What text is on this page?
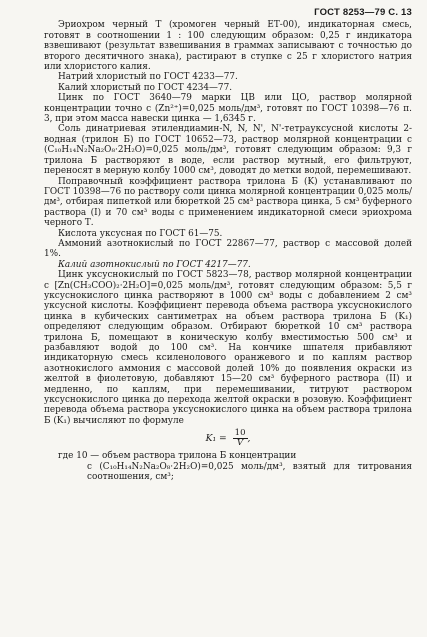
ГОСТ 8253—79 С. 13

Эриохром черный Т (хромоген черный ЕТ-00), индикаторная смесь, готовят в соотношении 1 : 100 следующим образом: 0,25 г индикатора взвешивают (результат взвешивания в граммах записывают с точностью до второго десятичного знака), растирают в ступке с 25 г хлористого натрия или хлористого калия.

Натрий хлористый по ГОСТ 4233—77.

Калий хлористый по ГОСТ 4234—77.

Цинк по ГОСТ 3640—79 марки ЦВ или ЦО, раствор молярной концентрации точно c (Zn²⁺)=0,025 моль/дм³, готовят по ГОСТ 10398—76 п. 3, при этом масса навески цинка — 1,6345 г.

Соль динатриевая этилендиамин-N, N, N', N'-тетрауксусной кислоты 2-водная (трилон Б) по ГОСТ 10652—73, раствор молярной концентрации c (C₁₀H₁₄N₂Na₂O₈·2H₂O)=0,025 моль/дм³, готовят следующим образом: 9,3 г трилона Б растворяют в воде, если раствор мутный, его фильтруют, переносят в мерную колбу 1000 см³, доводят до метки водой, перемешивают.

Поправочный коэффициент раствора трилона Б (K) устанавливают по ГОСТ 10398—76 по раствору соли цинка молярной концентрации 0,025 моль/дм³, отбирая пипеткой или бюреткой 25 см³ раствора цинка, 5 см³ буферного раствора (I) и 70 см³ воды с применением индикаторной смеси эриохрома черного Т.

Кислота уксусная по ГОСТ 61—75.

Аммоний азотнокислый по ГОСТ 22867—77, раствор с массовой долей 1%.

Калий азотнокислый по ГОСТ 4217—77.

Цинк уксуснокислый по ГОСТ 5823—78, раствор молярной концентрации c [Zn(CH₃COO)₂·2H₂O]=0,025 моль/дм³, готовят следующим образом: 5,5 г уксуснокислого цинка растворяют в 1000 см³ воды с добавлением 2 см³ уксусной кислоты. Коэффициент перевода объема раствора уксуснокислого цинка в кубических сантиметрах на объем раствора трилона Б (K₁) определяют следующим образом. Отбирают бюреткой 10 см³ раствора трилона Б, помещают в коническую колбу вместимостью 500 см³ и разбавляют водой до 100 см³. На кончике шпателя прибавляют индикаторную смесь ксиленолового оранжевого и по каплям раствор азотнокислого аммония с массовой долей 10% до появления окраски из желтой в фиолетовую, добавляют 15—20 см³ буферного раствора (II) и медленно, по каплям, при перемешивании, титруют раствором уксуснокислого цинка до перехода желтой окраски в розовую. Коэффициент перевода объема раствора уксуснокислого цинка на объем раствора трилона Б (K₁) вычисляют по формуле

$K_1 = \frac{10}{V}$ ,

где 10 — объем раствора трилона Б концентрации

c (C₁₀H₁₄N₂Na₂O₈·2H₂O)=0,025 моль/дм³, взятый для титрования соотношения, см³;
